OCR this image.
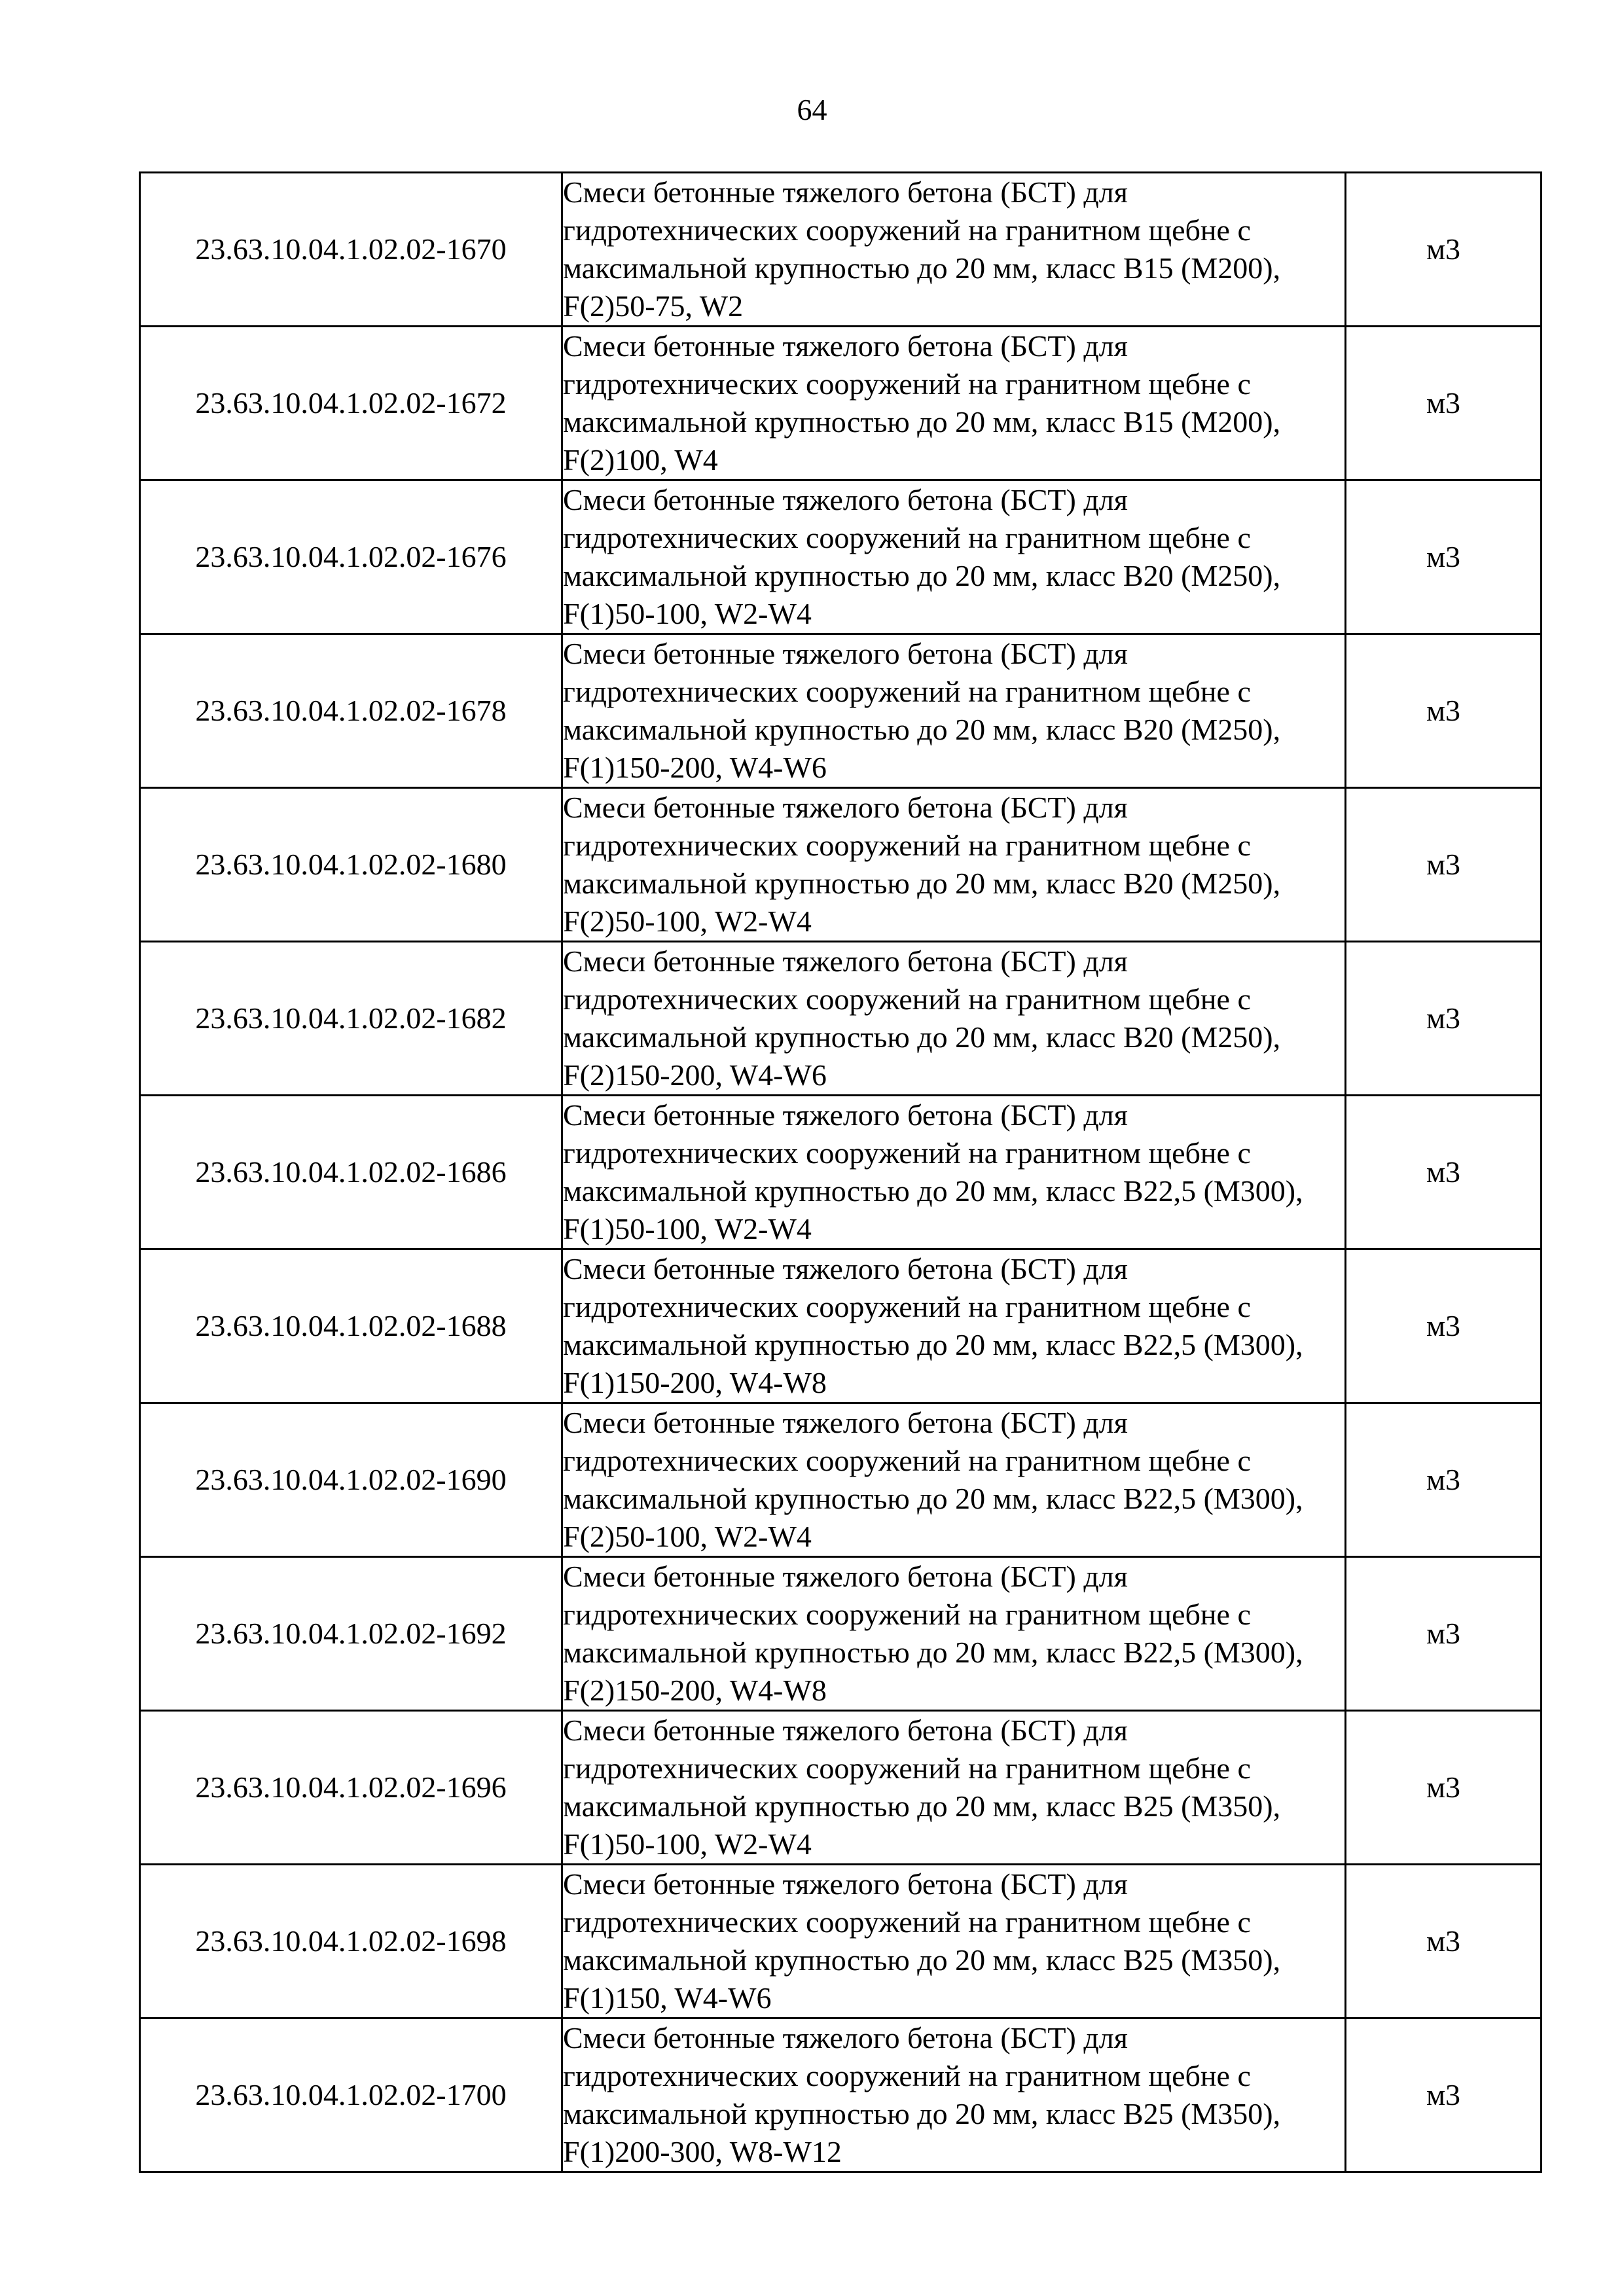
64
23.63.10.04.1.02.02-1670	Смеси бетонные тяжелого бетона (БСТ) для гидротехнических сооружений на гранитном щебне с максимальной крупностью до 20 мм, класс В15 (М200), F(2)50-75, W2	м3
23.63.10.04.1.02.02-1672	Смеси бетонные тяжелого бетона (БСТ) для гидротехнических сооружений на гранитном щебне с максимальной крупностью до 20 мм, класс В15 (М200), F(2)100, W4	м3
23.63.10.04.1.02.02-1676	Смеси бетонные тяжелого бетона (БСТ) для гидротехнических сооружений на гранитном щебне с максимальной крупностью до 20 мм, класс В20 (М250), F(1)50-100, W2-W4	м3
23.63.10.04.1.02.02-1678	Смеси бетонные тяжелого бетона (БСТ) для гидротехнических сооружений на гранитном щебне с максимальной крупностью до 20 мм, класс В20 (М250), F(1)150-200, W4-W6	м3
23.63.10.04.1.02.02-1680	Смеси бетонные тяжелого бетона (БСТ) для гидротехнических сооружений на гранитном щебне с максимальной крупностью до 20 мм, класс В20 (М250), F(2)50-100, W2-W4	м3
23.63.10.04.1.02.02-1682	Смеси бетонные тяжелого бетона (БСТ) для гидротехнических сооружений на гранитном щебне с максимальной крупностью до 20 мм, класс В20 (М250), F(2)150-200, W4-W6	м3
23.63.10.04.1.02.02-1686	Смеси бетонные тяжелого бетона (БСТ) для гидротехнических сооружений на гранитном щебне с максимальной крупностью до 20 мм, класс В22,5 (М300), F(1)50-100, W2-W4	м3
23.63.10.04.1.02.02-1688	Смеси бетонные тяжелого бетона (БСТ) для гидротехнических сооружений на гранитном щебне с максимальной крупностью до 20 мм, класс В22,5 (М300), F(1)150-200, W4-W8	м3
23.63.10.04.1.02.02-1690	Смеси бетонные тяжелого бетона (БСТ) для гидротехнических сооружений на гранитном щебне с максимальной крупностью до 20 мм, класс В22,5 (М300), F(2)50-100, W2-W4	м3
23.63.10.04.1.02.02-1692	Смеси бетонные тяжелого бетона (БСТ) для гидротехнических сооружений на гранитном щебне с максимальной крупностью до 20 мм, класс В22,5 (М300), F(2)150-200, W4-W8	м3
23.63.10.04.1.02.02-1696	Смеси бетонные тяжелого бетона (БСТ) для гидротехнических сооружений на гранитном щебне с максимальной крупностью до 20 мм, класс В25 (М350), F(1)50-100, W2-W4	м3
23.63.10.04.1.02.02-1698	Смеси бетонные тяжелого бетона (БСТ) для гидротехнических сооружений на гранитном щебне с максимальной крупностью до 20 мм, класс В25 (М350), F(1)150, W4-W6	м3
23.63.10.04.1.02.02-1700	Смеси бетонные тяжелого бетона (БСТ) для гидротехнических сооружений на гранитном щебне с максимальной крупностью до 20 мм, класс В25 (М350), F(1)200-300, W8-W12	м3
